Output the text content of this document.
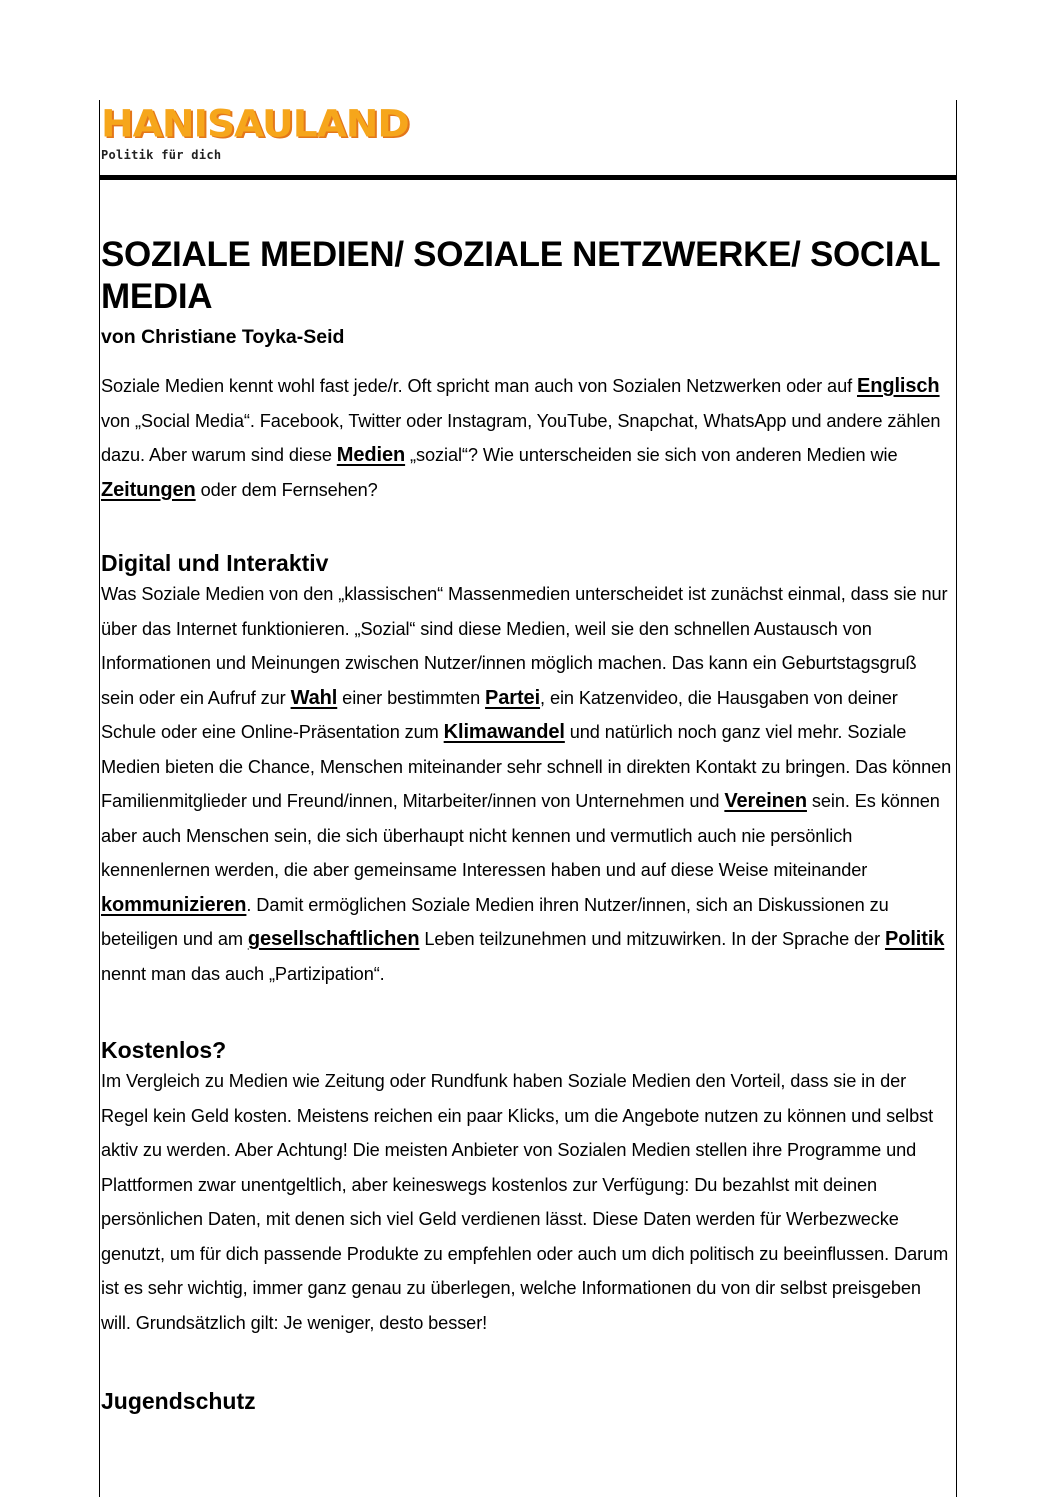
HANISAULAND
Politik für dich
SOZIALE MEDIEN/ SOZIALE NETZWERKE/ SOCIAL MEDIA
von Christiane Toyka-Seid

Soziale Medien kennt wohl fast jede/r. Oft spricht man auch von Sozialen Netzwerken oder auf Englisch von „Social Media“. Facebook, Twitter oder Instagram, YouTube, Snapchat, WhatsApp und andere zählen dazu. Aber warum sind diese Medien „sozial“? Wie unterscheiden sie sich von anderen Medien wie Zeitungen oder dem Fernsehen?

Digital und Interaktiv

Was Soziale Medien von den „klassischen“ Massenmedien unterscheidet ist zunächst einmal, dass sie nur über das Internet funktionieren. „Sozial“ sind diese Medien, weil sie den schnellen Austausch von Informationen und Meinungen zwischen Nutzer/innen möglich machen. Das kann ein Geburtstagsgruß sein oder ein Aufruf zur Wahl einer bestimmten Partei, ein Katzenvideo, die Hausgaben von deiner Schule oder eine Online-Präsentation zum Klimawandel und natürlich noch ganz viel mehr. Soziale Medien bieten die Chance, Menschen miteinander sehr schnell in direkten Kontakt zu bringen. Das können Familienmitglieder und Freund/innen, Mitarbeiter/innen von Unternehmen und Vereinen sein. Es können aber auch Menschen sein, die sich überhaupt nicht kennen und vermutlich auch nie persönlich kennenlernen werden, die aber gemeinsame Interessen haben und auf diese Weise miteinander kommunizieren. Damit ermöglichen Soziale Medien ihren Nutzer/innen, sich an Diskussionen zu beteiligen und am gesellschaftlichen Leben teilzunehmen und mitzuwirken. In der Sprache der Politik nennt man das auch „Partizipation“.

Kostenlos?

Im Vergleich zu Medien wie Zeitung oder Rundfunk haben Soziale Medien den Vorteil, dass sie in der Regel kein Geld kosten. Meistens reichen ein paar Klicks, um die Angebote nutzen zu können und selbst aktiv zu werden. Aber Achtung! Die meisten Anbieter von Sozialen Medien stellen ihre Programme und Plattformen zwar unentgeltlich, aber keineswegs kostenlos zur Verfügung: Du bezahlst mit deinen persönlichen Daten, mit denen sich viel Geld verdienen lässt. Diese Daten werden für Werbezwecke genutzt, um für dich passende Produkte zu empfehlen oder auch um dich politisch zu beeinflussen. Darum ist es sehr wichtig, immer ganz genau zu überlegen, welche Informationen du von dir selbst preisgeben will. Grundsätzlich gilt: Je weniger, desto besser!

Jugendschutz
